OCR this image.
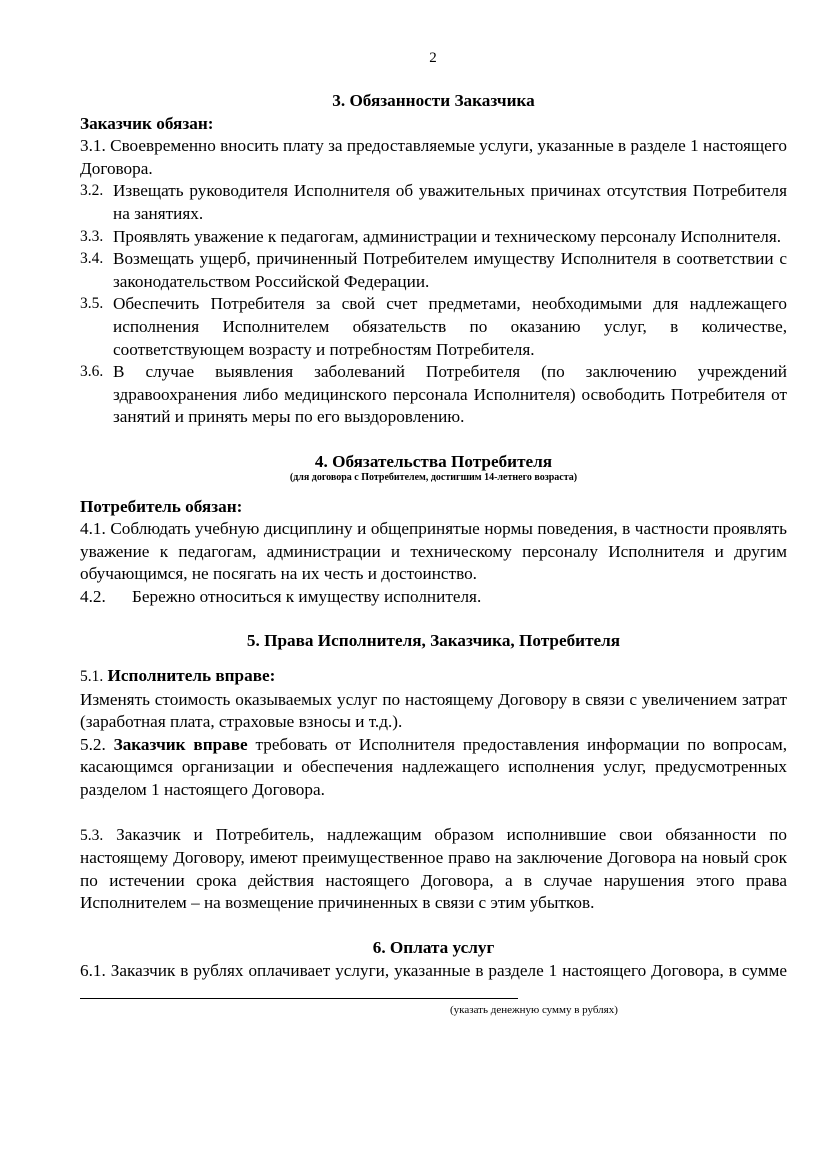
2

3. Обязанности Заказчика

Заказчик обязан:

3.1. Своевременно вносить плату за предоставляемые услуги, указанные в разделе 1 настоящего Договора.

3.2. Извещать руководителя Исполнителя об уважительных причинах отсутствия Потребителя на занятиях.
3.3. Проявлять уважение к педагогам, администрации и техническому персоналу Исполнителя.
3.4. Возмещать ущерб, причиненный Потребителем имуществу Исполнителя в соответствии с законодательством Российской Федерации.
3.5. Обеспечить Потребителя за свой счет предметами, необходимыми для надлежащего исполнения Исполнителем обязательств по оказанию услуг, в количестве, соответствующем возрасту и потребностям Потребителя.
3.6. В случае выявления заболеваний Потребителя (по заключению учреждений здравоохранения либо медицинского персонала Исполнителя) освободить Потребителя от занятий и принять меры по его выздоровлению.

4. Обязательства Потребителя

(для договора с Потребителем, достигшим 14-летнего возраста)

Потребитель обязан:

4.1. Соблюдать учебную дисциплину и общепринятые нормы поведения, в частности проявлять уважение к педагогам, администрации и техническому персоналу Исполнителя и другим обучающимся, не посягать на их честь и достоинство.

4.2. Бережно относиться к имуществу исполнителя.

5. Права Исполнителя, Заказчика, Потребителя

5.1. Исполнитель вправе:

Изменять стоимость оказываемых услуг по настоящему Договору в связи с увеличением затрат (заработная плата, страховые взносы и т.д.).

5.2. Заказчик вправе требовать от Исполнителя предоставления информации по вопросам, касающимся организации и обеспечения надлежащего исполнения услуг, предусмотренных разделом 1 настоящего Договора.

5.3. Заказчик и Потребитель, надлежащим образом исполнившие свои обязанности по настоящему Договору, имеют преимущественное право на заключение Договора на новый срок по истечении срока действия настоящего Договора, а в случае нарушения этого права Исполнителем – на возмещение причиненных в связи с этим убытков.

6. Оплата услуг

6.1. Заказчик в рублях оплачивает услуги, указанные в разделе 1 настоящего Договора, в сумме

(указать денежную сумму в рублях)
